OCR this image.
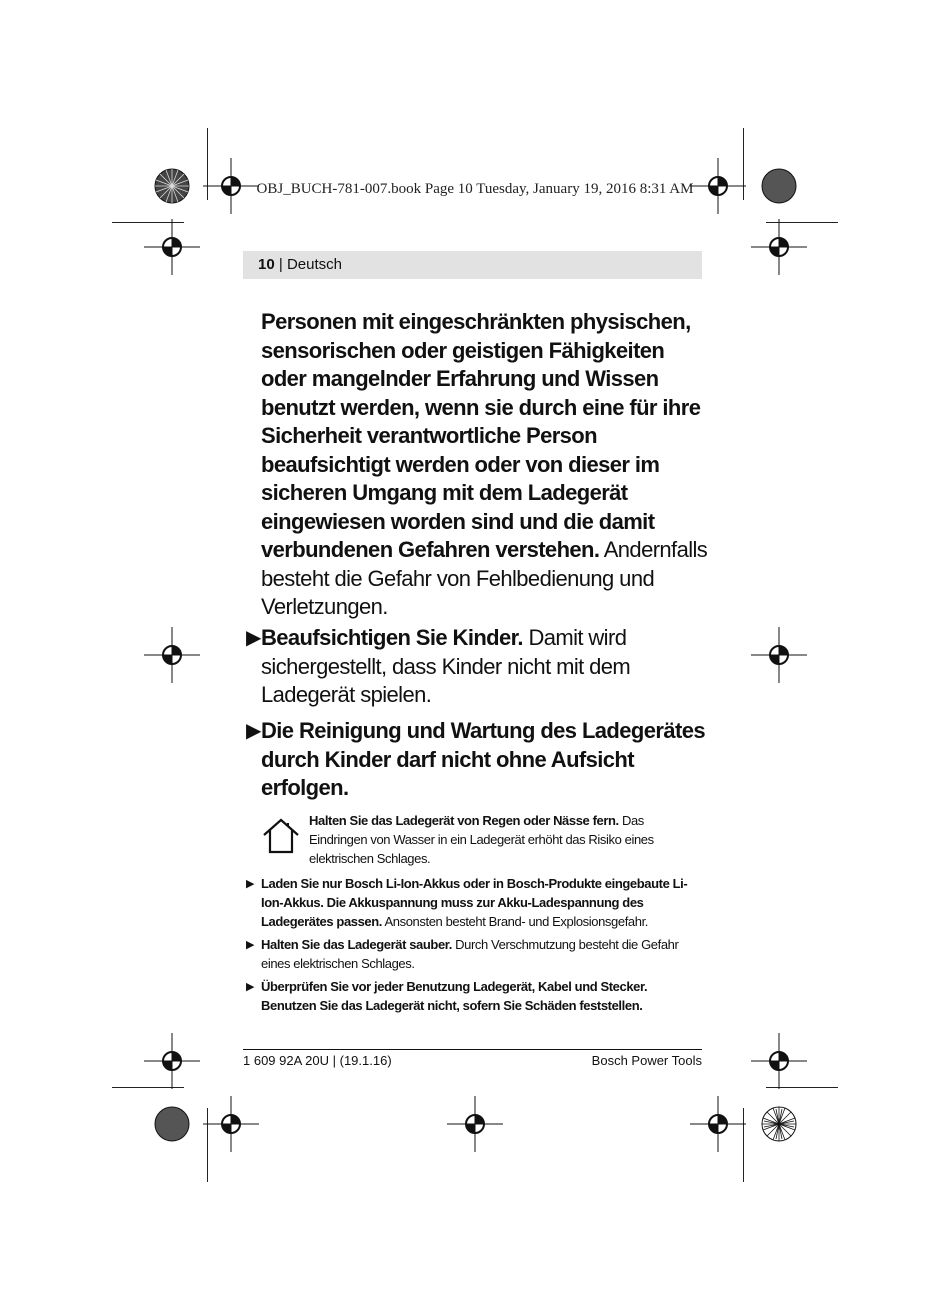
OBJ_BUCH-781-007.book Page 10 Tuesday, January 19, 2016 8:31 AM
10 | Deutsch
Personen mit eingeschränkten physischen, sensorischen oder geistigen Fähigkeiten oder mangelnder Erfahrung und Wissen benutzt werden, wenn sie durch eine für ihre Sicherheit verantwortliche Person beaufsichtigt werden oder von dieser im sicheren Umgang mit dem Ladegerät eingewiesen worden sind und die damit verbundenen Gefahren verstehen. Andernfalls besteht die Gefahr von Fehlbedienung und Verletzungen.
▶ Beaufsichtigen Sie Kinder. Damit wird sichergestellt, dass Kinder nicht mit dem Ladegerät spielen.
▶ Die Reinigung und Wartung des Ladegerätes durch Kinder darf nicht ohne Aufsicht erfolgen.
Halten Sie das Ladegerät von Regen oder Nässe fern. Das Eindringen von Wasser in ein Ladegerät erhöht das Risiko eines elektrischen Schlages.
▶ Laden Sie nur Bosch Li-Ion-Akkus oder in Bosch-Produkte eingebaute Li-Ion-Akkus. Die Akkuspannung muss zur Akku-Ladespannung des Ladegerätes passen. Ansonsten besteht Brand- und Explosionsgefahr.
▶ Halten Sie das Ladegerät sauber. Durch Verschmutzung besteht die Gefahr eines elektrischen Schlages.
▶ Überprüfen Sie vor jeder Benutzung Ladegerät, Kabel und Stecker. Benutzen Sie das Ladegerät nicht, sofern Sie Schäden feststellen.
1 609 92A 20U | (19.1.16)	Bosch Power Tools
